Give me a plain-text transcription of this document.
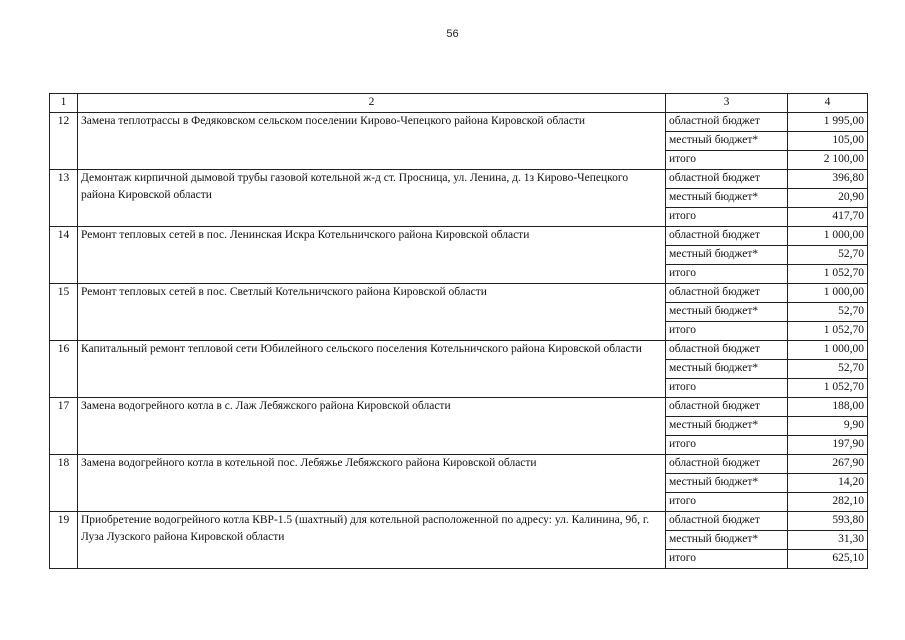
56
1	2	3	4
12	Замена теплотрассы в Федяковском сельском поселении Кирово-Чепецкого района Кировской области	областной бюджет	1 995,00
		местный бюджет*	105,00
		итого	2 100,00
13	Демонтаж кирпичной дымовой трубы газовой котельной ж-д ст. Просница, ул. Ленина, д. 1з Кирово-Чепецкого района Кировской области	областной бюджет	396,80
		местный бюджет*	20,90
		итого	417,70
14	Ремонт тепловых сетей в пос. Ленинская Искра Котельничского района Кировской области	областной бюджет	1 000,00
		местный бюджет*	52,70
		итого	1 052,70
15	Ремонт тепловых сетей в пос. Светлый Котельничского района Кировской области	областной бюджет	1 000,00
		местный бюджет*	52,70
		итого	1 052,70
16	Капитальный ремонт тепловой сети Юбилейного сельского поселения Котельничского района Кировской области	областной бюджет	1 000,00
		местный бюджет*	52,70
		итого	1 052,70
17	Замена водогрейного котла в с. Лаж Лебяжского района Кировской области	областной бюджет	188,00
		местный бюджет*	9,90
		итого	197,90
18	Замена водогрейного котла в котельной пос. Лебяжье Лебяжского района Кировской области	областной бюджет	267,90
		местный бюджет*	14,20
		итого	282,10
19	Приобретение водогрейного котла КВР-1.5 (шахтный) для котельной расположенной по адресу: ул. Калинина, 9б, г. Луза Лузского района Кировской области	областной бюджет	593,80
		местный бюджет*	31,30
		итого	625,10
